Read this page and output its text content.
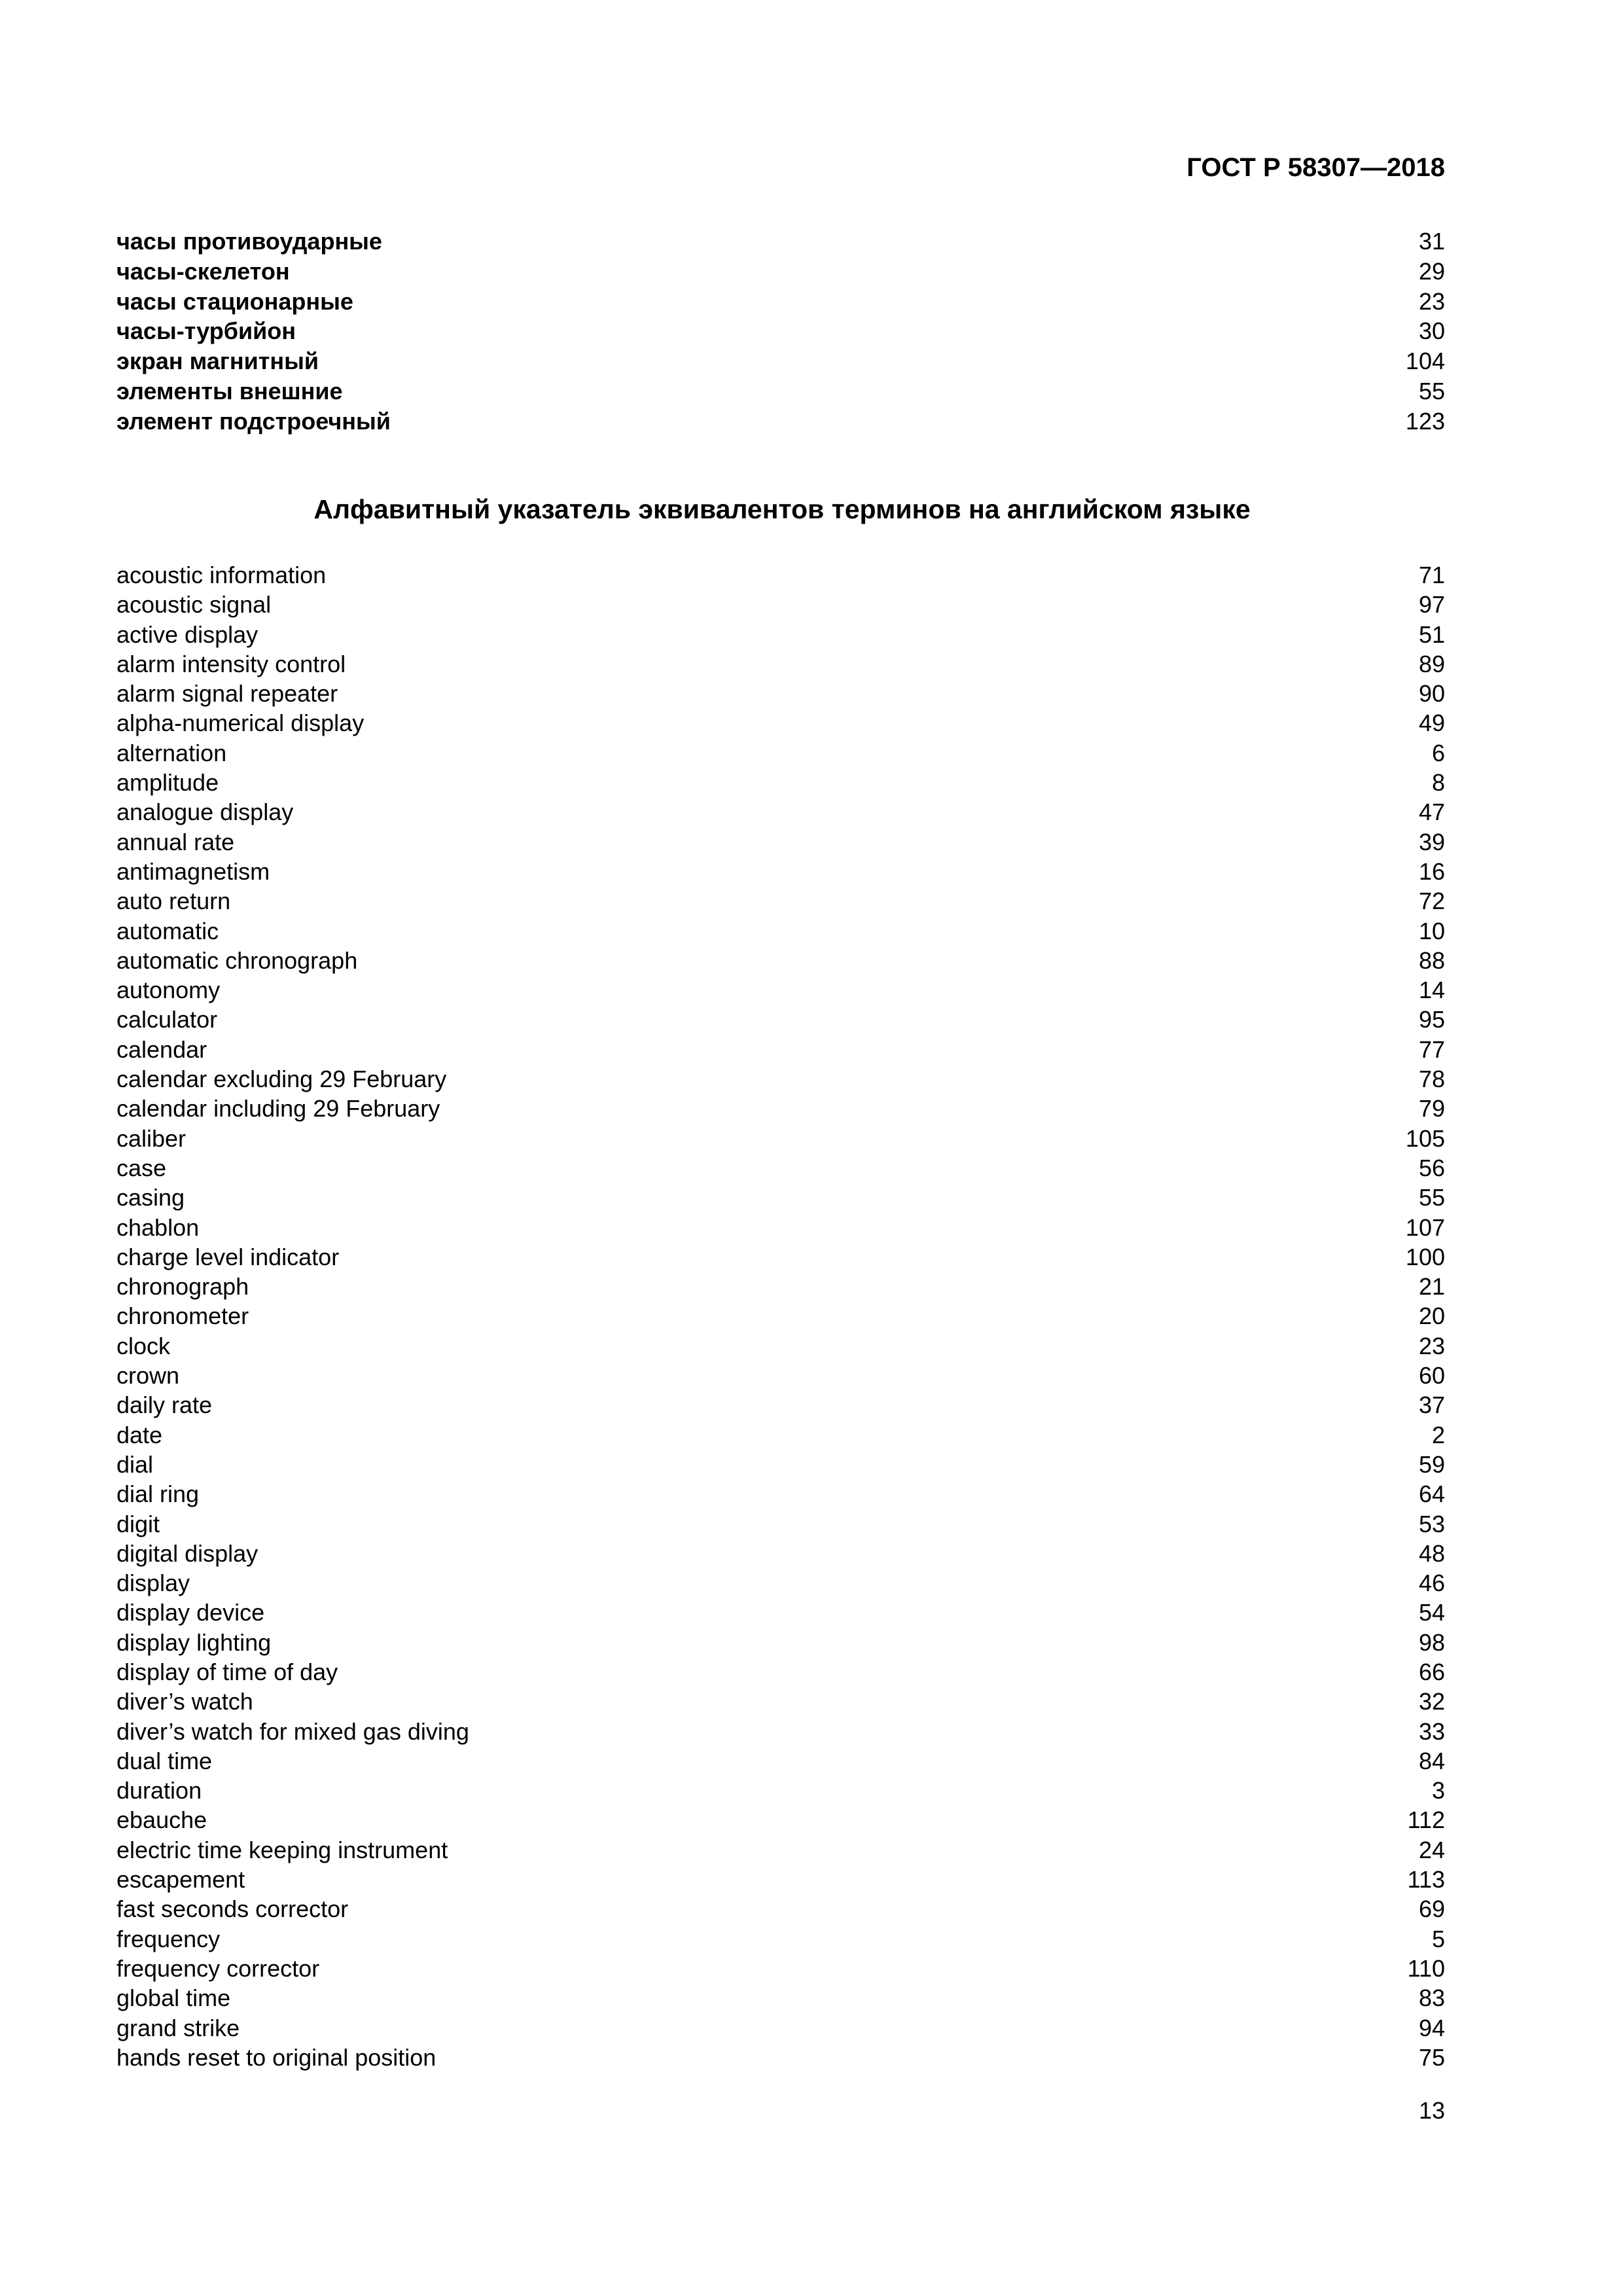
ГОСТ Р 58307—2018
часы противоударные	31
часы-скелетон	29
часы стационарные	23
часы-турбийон	30
экран магнитный	104
элементы внешние	55
элемент подстроечный	123
Алфавитный указатель эквивалентов терминов на английском языке
acoustic information	71
acoustic signal	97
active display	51
alarm intensity control	89
alarm signal repeater	90
alpha-numerical display	49
alternation	6
amplitude	8
analogue display	47
annual rate	39
antimagnetism	16
auto return	72
automatic	10
automatic chronograph	88
autonomy	14
calculator	95
calendar	77
calendar excluding 29 February	78
calendar including 29 February	79
caliber	105
case	56
casing	55
chablon	107
charge level indicator	100
chronograph	21
chronometer	20
clock	23
crown	60
daily rate	37
date	2
dial	59
dial ring	64
digit	53
digital display	48
display	46
display device	54
display lighting	98
display of time of day	66
diver’s watch	32
diver’s watch for mixed gas diving	33
dual time	84
duration	3
ebauche	112
electric time keeping instrument	24
escapement	113
fast seconds corrector	69
frequency	5
frequency corrector	110
global time	83
grand strike	94
hands reset to original position	75
13
